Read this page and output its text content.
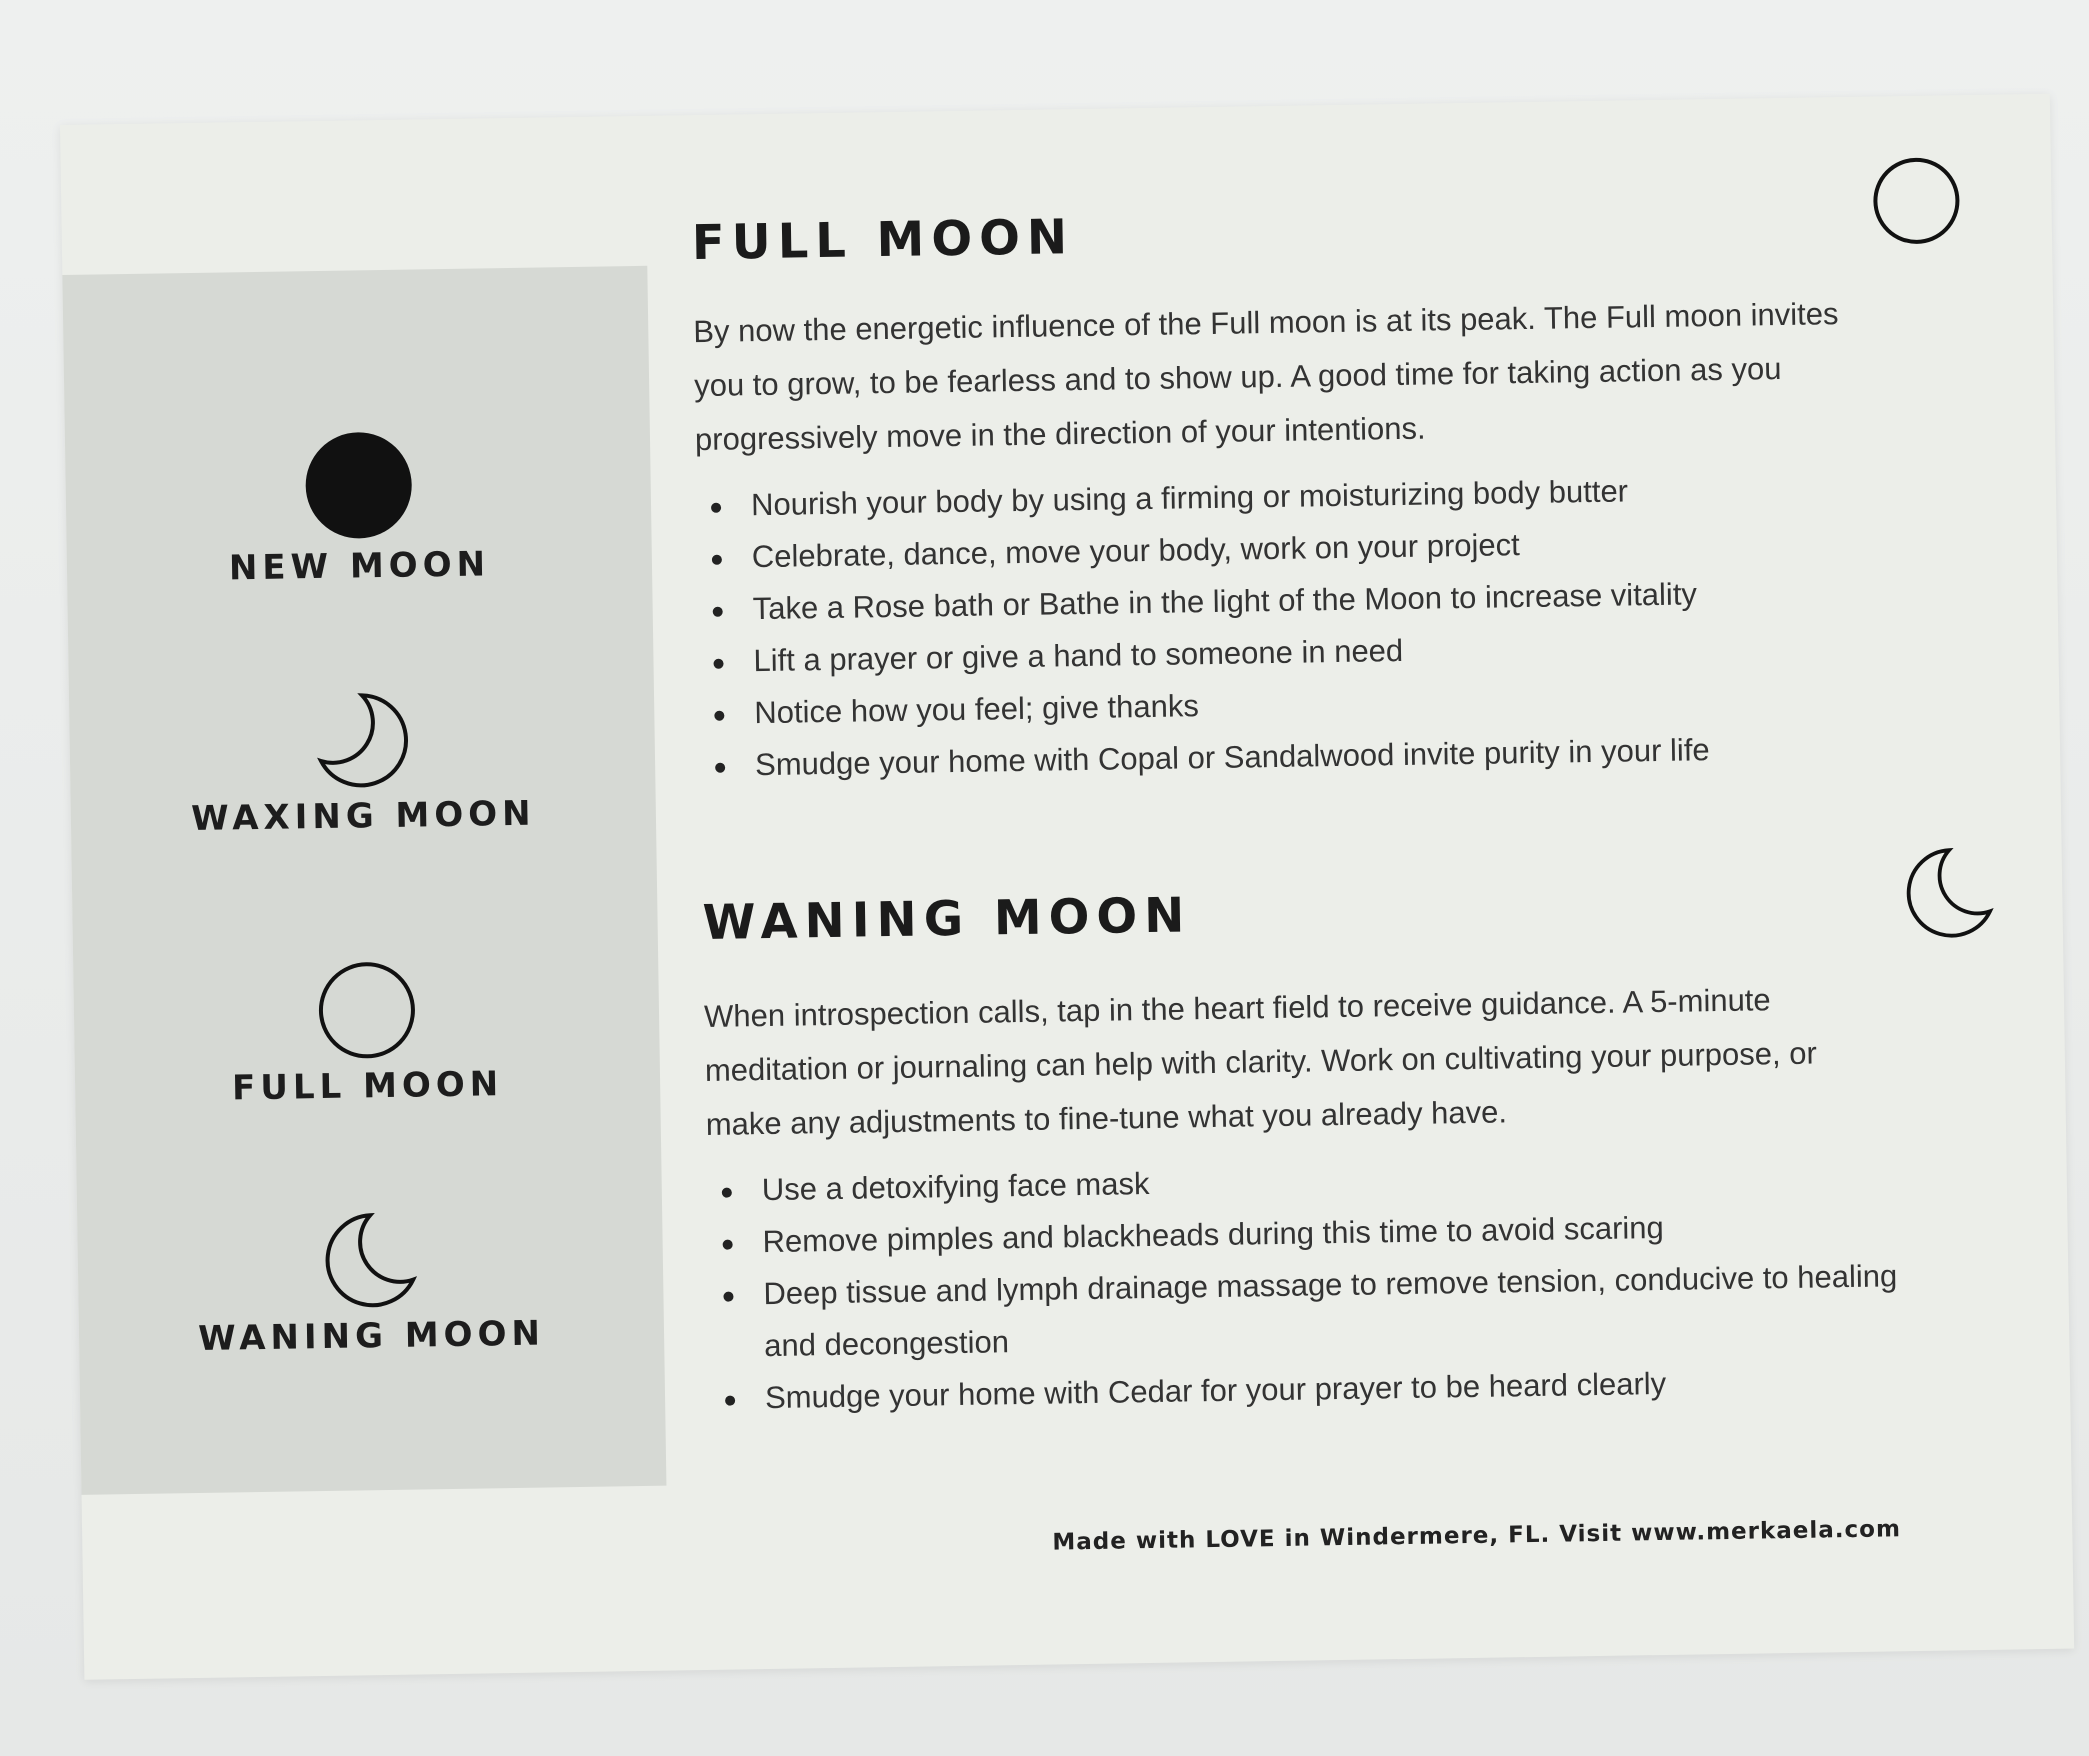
NEW MOON
WAXING MOON
FULL MOON
WANING MOON
FULL MOON

By now the energetic influence of the Full moon is at its peak. The Full moon invites you to grow, to be fearless and to show up. A good time for taking action as you progressively move in the direction of your intentions.

Nourish your body by using a firming or moisturizing body butter
Celebrate, dance, move your body, work on your project
Take a Rose bath or Bathe in the light of the Moon to increase vitality
Lift a prayer or give a hand to someone in need
Notice how you feel; give thanks
Smudge your home with Copal or Sandalwood invite purity in your life
WANING MOON

When introspection calls, tap in the heart field to receive guidance. A 5-minute meditation or journaling can help with clarity. Work on cultivating your purpose, or make any adjustments to fine-tune what you already have.

Use a detoxifying face mask
Remove pimples and blackheads during this time to avoid scaring
Deep tissue and lymph drainage massage to remove tension, conducive to healing and decongestion
Smudge your home with Cedar for your prayer to be heard clearly
Made with LOVE in Windermere, FL. Visit www.merkaela.com
